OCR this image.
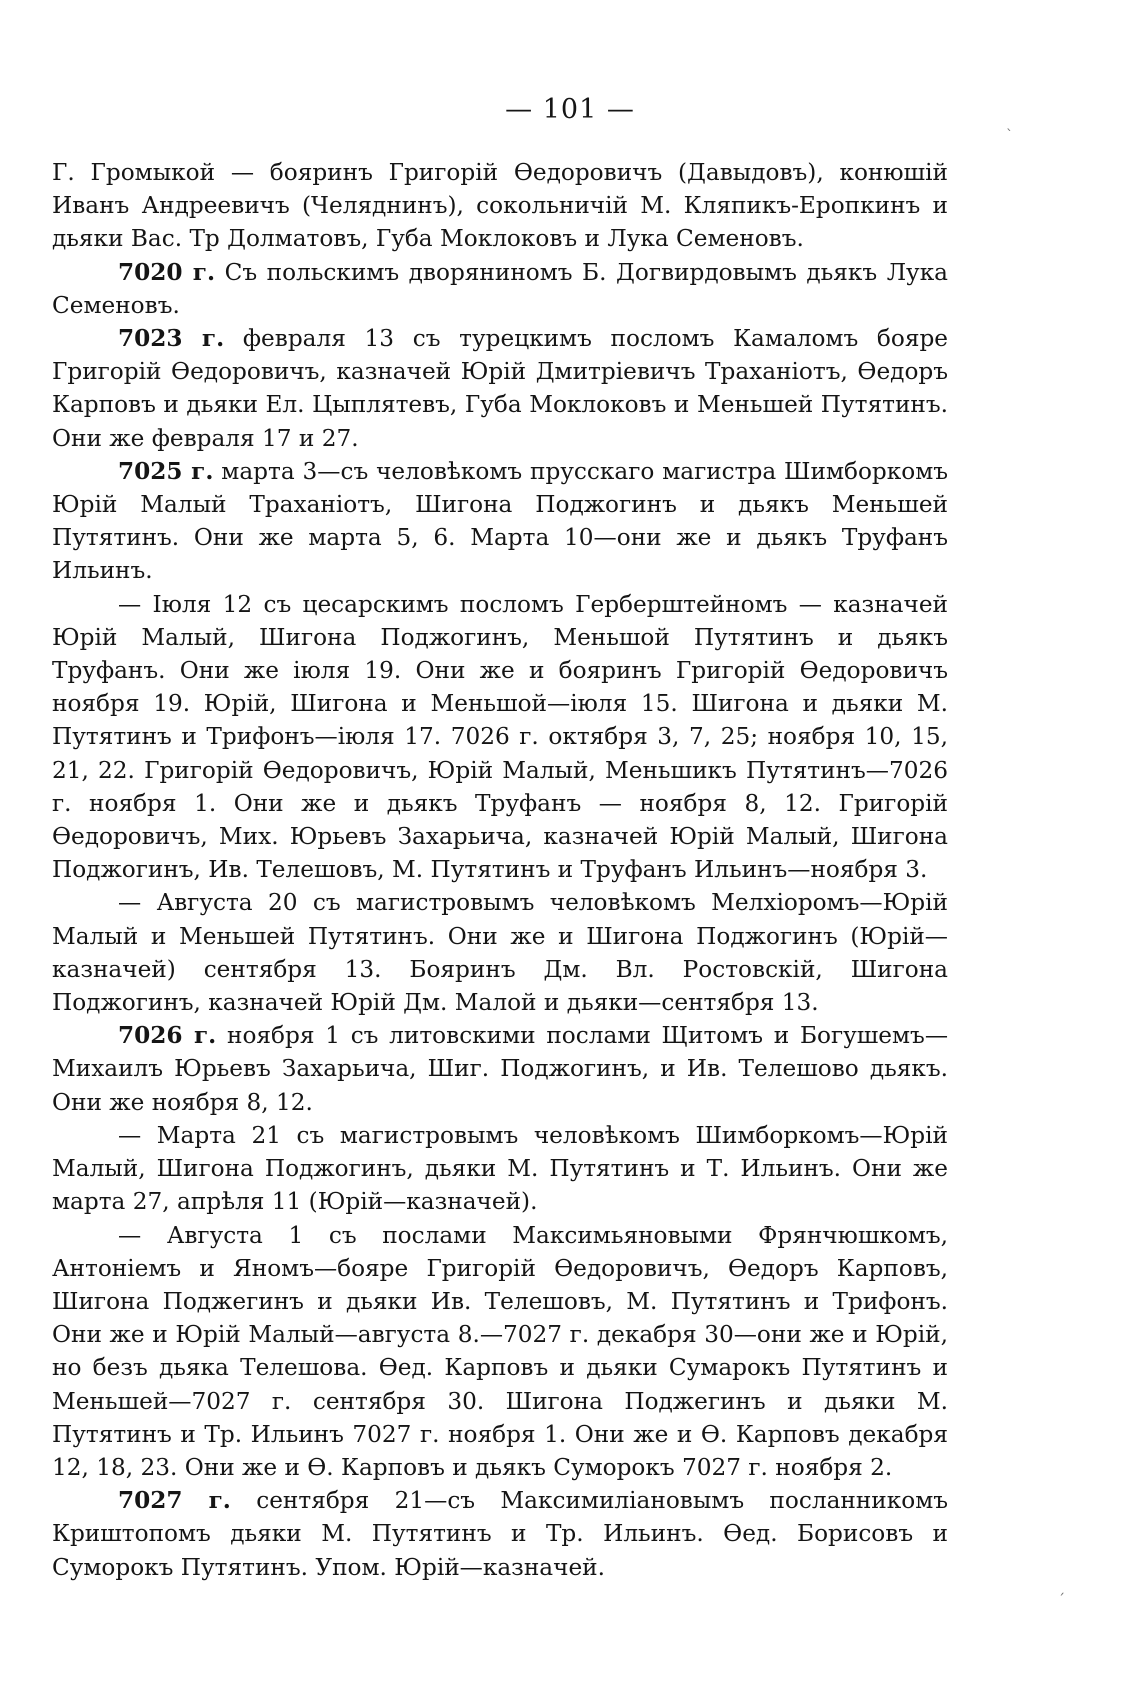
— 101 —

Г. Громыкой — бояринъ Григорій Ѳедоровичъ (Давыдовъ), конюшій Иванъ Андреевичъ (Челяднинъ), сокольничій М. Кляпикъ-Еропкинъ и дьяки Вас. Тр Долматовъ, Губа Моклоковъ и Лука Семеновъ.

7020 г. Съ польскимъ дворяниномъ Б. Догвирдовымъ дьякъ Лука Семеновъ.

7023 г. февраля 13 съ турецкимъ посломъ Камаломъ бояре Григорій Ѳедоровичъ, казначей Юрій Дмитріевичъ Траханіотъ, Ѳедоръ Карповъ и дьяки Ел. Цыплятевъ, Губа Моклоковъ и Меньшей Путятинъ. Они же февраля 17 и 27.

7025 г. марта 3—съ человѣкомъ прусскаго магистра Шимборкомъ Юрій Малый Траханіотъ, Шигона Поджогинъ и дьякъ Меньшей Путятинъ. Они же марта 5, 6. Марта 10—они же и дьякъ Труфанъ Ильинъ.

— Іюля 12 съ цесарскимъ посломъ Герберштейномъ — казначей Юрій Малый, Шигона Поджогинъ, Меньшой Путятинъ и дьякъ Труфанъ. Они же іюля 19. Они же и бояринъ Григорій Ѳедоровичъ ноября 19. Юрій, Шигона и Меньшой—іюля 15. Шигона и дьяки М. Путятинъ и Трифонъ—іюля 17. 7026 г. октября 3, 7, 25; ноября 10, 15, 21, 22. Григорій Ѳедоровичъ, Юрій Малый, Меньшикъ Путятинъ—7026 г. ноября 1. Они же и дьякъ Труфанъ — ноября 8, 12. Григорій Ѳедоровичъ, Мих. Юрьевъ Захарьича, казначей Юрій Малый, Шигона Поджогинъ, Ив. Телешовъ, М. Путятинъ и Труфанъ Ильинъ—ноября 3.

— Августа 20 съ магистровымъ человѣкомъ Мелхіоромъ—Юрій Малый и Меньшей Путятинъ. Они же и Шигона Поджогинъ (Юрій—казначей) сентября 13. Бояринъ Дм. Вл. Ростовскій, Шигона Поджогинъ, казначей Юрій Дм. Малой и дьяки—сентября 13.

7026 г. ноября 1 съ литовскими послами Щитомъ и Богушемъ—Михаилъ Юрьевъ Захарьича, Шиг. Поджогинъ, и Ив. Телешово дьякъ. Они же ноября 8, 12.

— Марта 21 съ магистровымъ человѣкомъ Шимборкомъ—Юрій Малый, Шигона Поджогинъ, дьяки М. Путятинъ и Т. Ильинъ. Они же марта 27, апрѣля 11 (Юрій—казначей).

— Августа 1 съ послами Максимьяновыми Фрянчюшкомъ, Антоніемъ и Яномъ—бояре Григорій Ѳедоровичъ, Ѳедоръ Карповъ, Шигона Поджегинъ и дьяки Ив. Телешовъ, М. Путятинъ и Трифонъ. Они же и Юрій Малый—августа 8.—7027 г. декабря 30—они же и Юрій, но безъ дьяка Телешова. Ѳед. Карповъ и дьяки Сумарокъ Путятинъ и Меньшей—7027 г. сентября 30. Шигона Поджегинъ и дьяки М. Путятинъ и Тр. Ильинъ 7027 г. ноября 1. Они же и Ѳ. Карповъ декабря 12, 18, 23. Они же и Ѳ. Карповъ и дьякъ Суморокъ 7027 г. ноября 2.

7027 г. сентября 21—съ Максимиліановымъ посланникомъ Криштопомъ дьяки М. Путятинъ и Тр. Ильинъ. Ѳед. Борисовъ и Суморокъ Путятинъ. Упом. Юрій—казначей.

ˋ
ˏ
